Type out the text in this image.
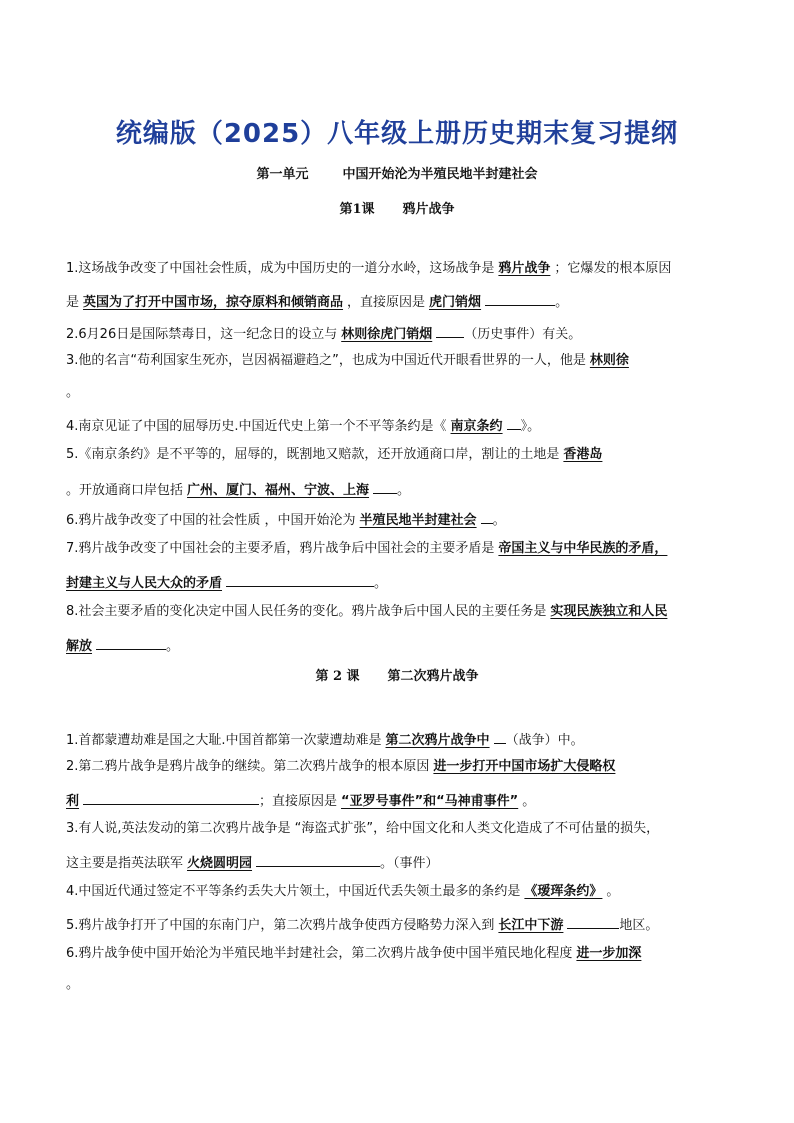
统编版（2025）八年级上册历史期末复习提纲
第一单元	中国开始沦为半殖民地半封建社会
第1课 鸦片战争
1.这场战争改变了中国社会性质，成为中国历史的一道分水岭，这场战争是 鸦片战争 ；它爆发的根本原因
是 英国为了打开中国市场，掠夺原料和倾销商品 ，直接原因是 虎门销烟	。
2.6月26日是国际禁毒日，这一纪念日的设立与 林则徐虎门销烟 （历史事件）有关。
3.他的名言“苟利国家生死亦，岂因祸福避趋之”，也成为中国近代开眼看世界的一人，他是 林则徐
。
4.南京见证了中国的屈辱历史.中国近代史上第一个不平等条约是《 南京条约 》。
5.《南京条约》是不平等的，屈辱的，既割地又赔款，还开放通商口岸，割让的土地是 香港岛
。开放通商口岸包括 广州、厦门、福州、宁波、上海 。
6.鸦片战争改变了中国的社会性质 ，中国开始沦为 半殖民地半封建社会 。
7.鸦片战争改变了中国社会的主要矛盾，鸦片战争后中国社会的主要矛盾是 帝国主义与中华民族的矛盾，
封建主义与人民大众的矛盾	。
8.社会主要矛盾的变化决定中国人民任务的变化。鸦片战争后中国人民的主要任务是 实现民族独立和人民
解放	。
第 2 课 第二次鸦片战争
1.首都蒙遭劫难是国之大耻.中国首都第一次蒙遭劫难是 第二次鸦片战争中 （战争）中。
2.第二鸦片战争是鸦片战争的继续。第二次鸦片战争的根本原因 进一步打开中国市场扩大侵略权
利	；直接原因是 “亚罗号事件”和“马神甫事件” 。
3.有人说,英法发动的第二次鸦片战争是 “海盗式扩张”，给中国文化和人类文化造成了不可估量的损失，
这主要是指英法联军 火烧圆明园	。（事件）
4.中国近代通过签定不平等条约丢失大片领土，中国近代丢失领土最多的条约是 《瑷珲条约》 。
5.鸦片战争打开了中国的东南门户，第二次鸦片战争使西方侵略势力深入到 长江中下游	地区。
6.鸦片战争使中国开始沦为半殖民地半封建社会，第二次鸦片战争使中国半殖民地化程度 进一步加深
。
